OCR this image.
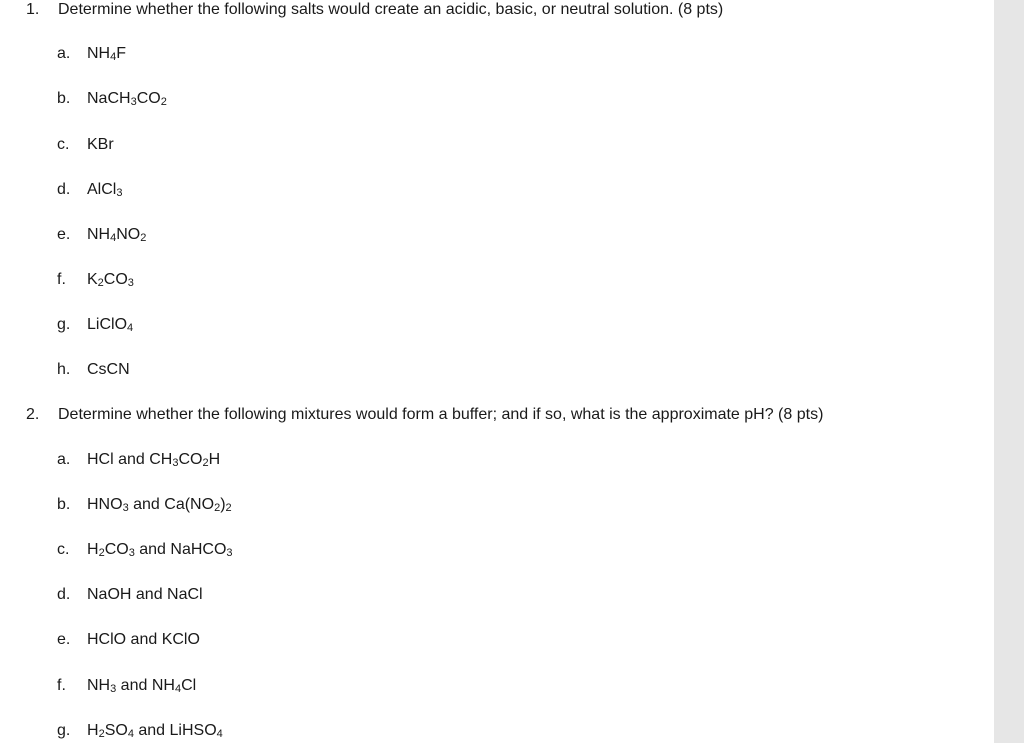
1. Determine whether the following salts would create an acidic, basic, or neutral solution. (8 pts)
a. $NH_4F$
b. $NaCH_3CO_2$
c. KBr
d. AlCl$_3$
e. $NH_4NO_2$
f. $K_2CO_3$
g. LiClO$_4$
h. CsCN
2. Determine whether the following mixtures would form a buffer; and if so, what is the approximate pH? (8 pts)
a. HCl and $CH_3CO_2H$
b. $HNO_3$ and $Ca(NO_2)_2$
c. $H_2CO_3$ and NaHCO$_3$
d. NaOH and NaCl
e. HClO and KClO
f. $NH_3$ and $NH_4Cl$
g. $H_2SO_4$ and LiHSO$_4$
